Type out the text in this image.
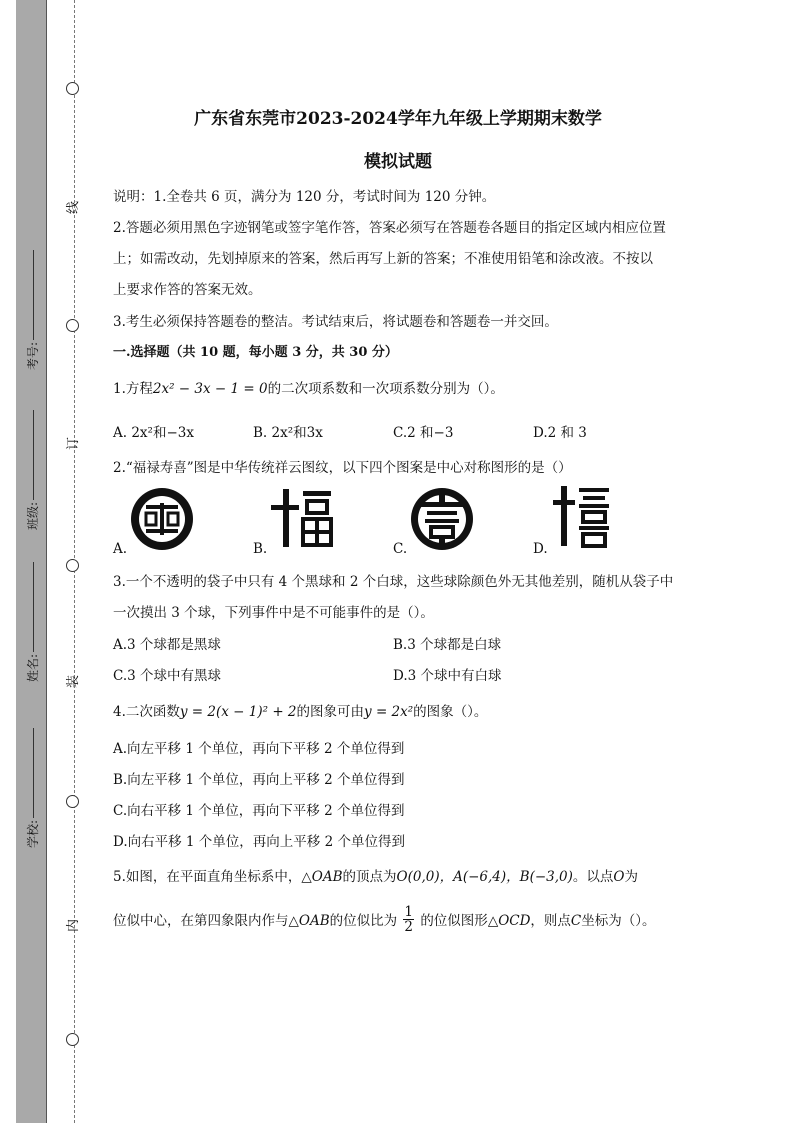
线
订
装
内
考号:
班级:
姓名:
学校:
广东省东莞市2023-2024学年九年级上学期期末数学
模拟试题
说明：1.全卷共 6 页，满分为 120 分，考试时间为 120 分钟。
2.答题必须用黑色字迹钢笔或签字笔作答，答案必须写在答题卷各题目的指定区域内相应位置
上；如需改动，先划掉原来的答案，然后再写上新的答案；不准使用铅笔和涂改液。不按以
上要求作答的答案无效。
3.考生必须保持答题卷的整洁。考试结束后，将试题卷和答题卷一并交回。
一.选择题（共 10 题，每小题 3 分，共 30 分）
1.方程2x² − 3x − 1 = 0的二次项系数和一次项系数分别为（）。
A. 2x²和−3x	B. 2x²和3x	C.2 和−3	D.2 和 3
2.“福禄寿喜”图是中华传统祥云图纹，以下四个图案是中心对称图形的是（）
A.	B.	C.	D.
3.一个不透明的袋子中只有 4 个黑球和 2 个白球，这些球除颜色外无其他差别，随机从袋子中
一次摸出 3 个球，下列事件中是不可能事件的是（）。
A.3 个球都是黑球	B.3 个球都是白球
C.3 个球中有黑球	D.3 个球中有白球
4.二次函数y = 2(x − 1)² + 2的图象可由y = 2x²的图象（）。
A.向左平移 1 个单位，再向下平移 2 个单位得到
B.向左平移 1 个单位，再向上平移 2 个单位得到
C.向右平移 1 个单位，再向下平移 2 个单位得到
D.向右平移 1 个单位，再向上平移 2 个单位得到
5.如图，在平面直角坐标系中，△OAB的顶点为O(0,0)，A(−6,4)，B(−3,0)。以点O为
位似中心，在第四象限内作与△OAB的位似比为 $\frac{1}{2}$ 的位似图形△OCD，则点C坐标为（）。
